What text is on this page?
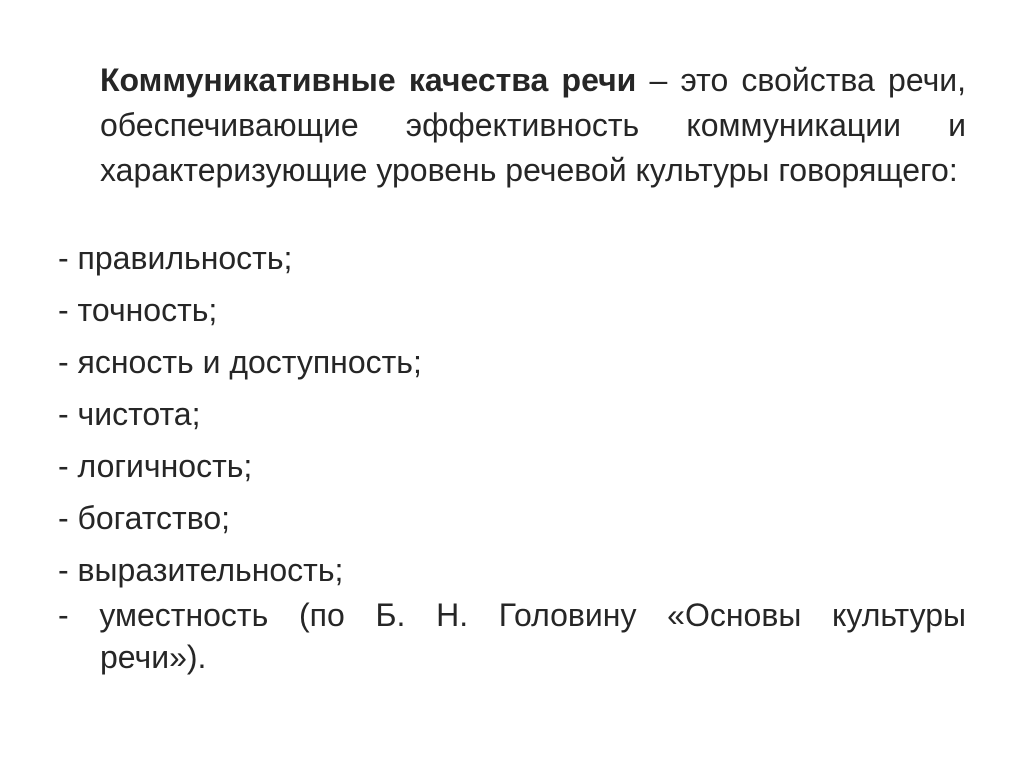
Коммуникативные качества речи – это свойства речи, обеспечивающие эффективность коммуникации и характеризующие уровень речевой культуры говорящего:

- правильность;
- точность;
- ясность и доступность;
- чистота;
- логичность;
- богатство;
- выразительность;
- уместность (по Б. Н. Головину «Основы культуры
речи»).
